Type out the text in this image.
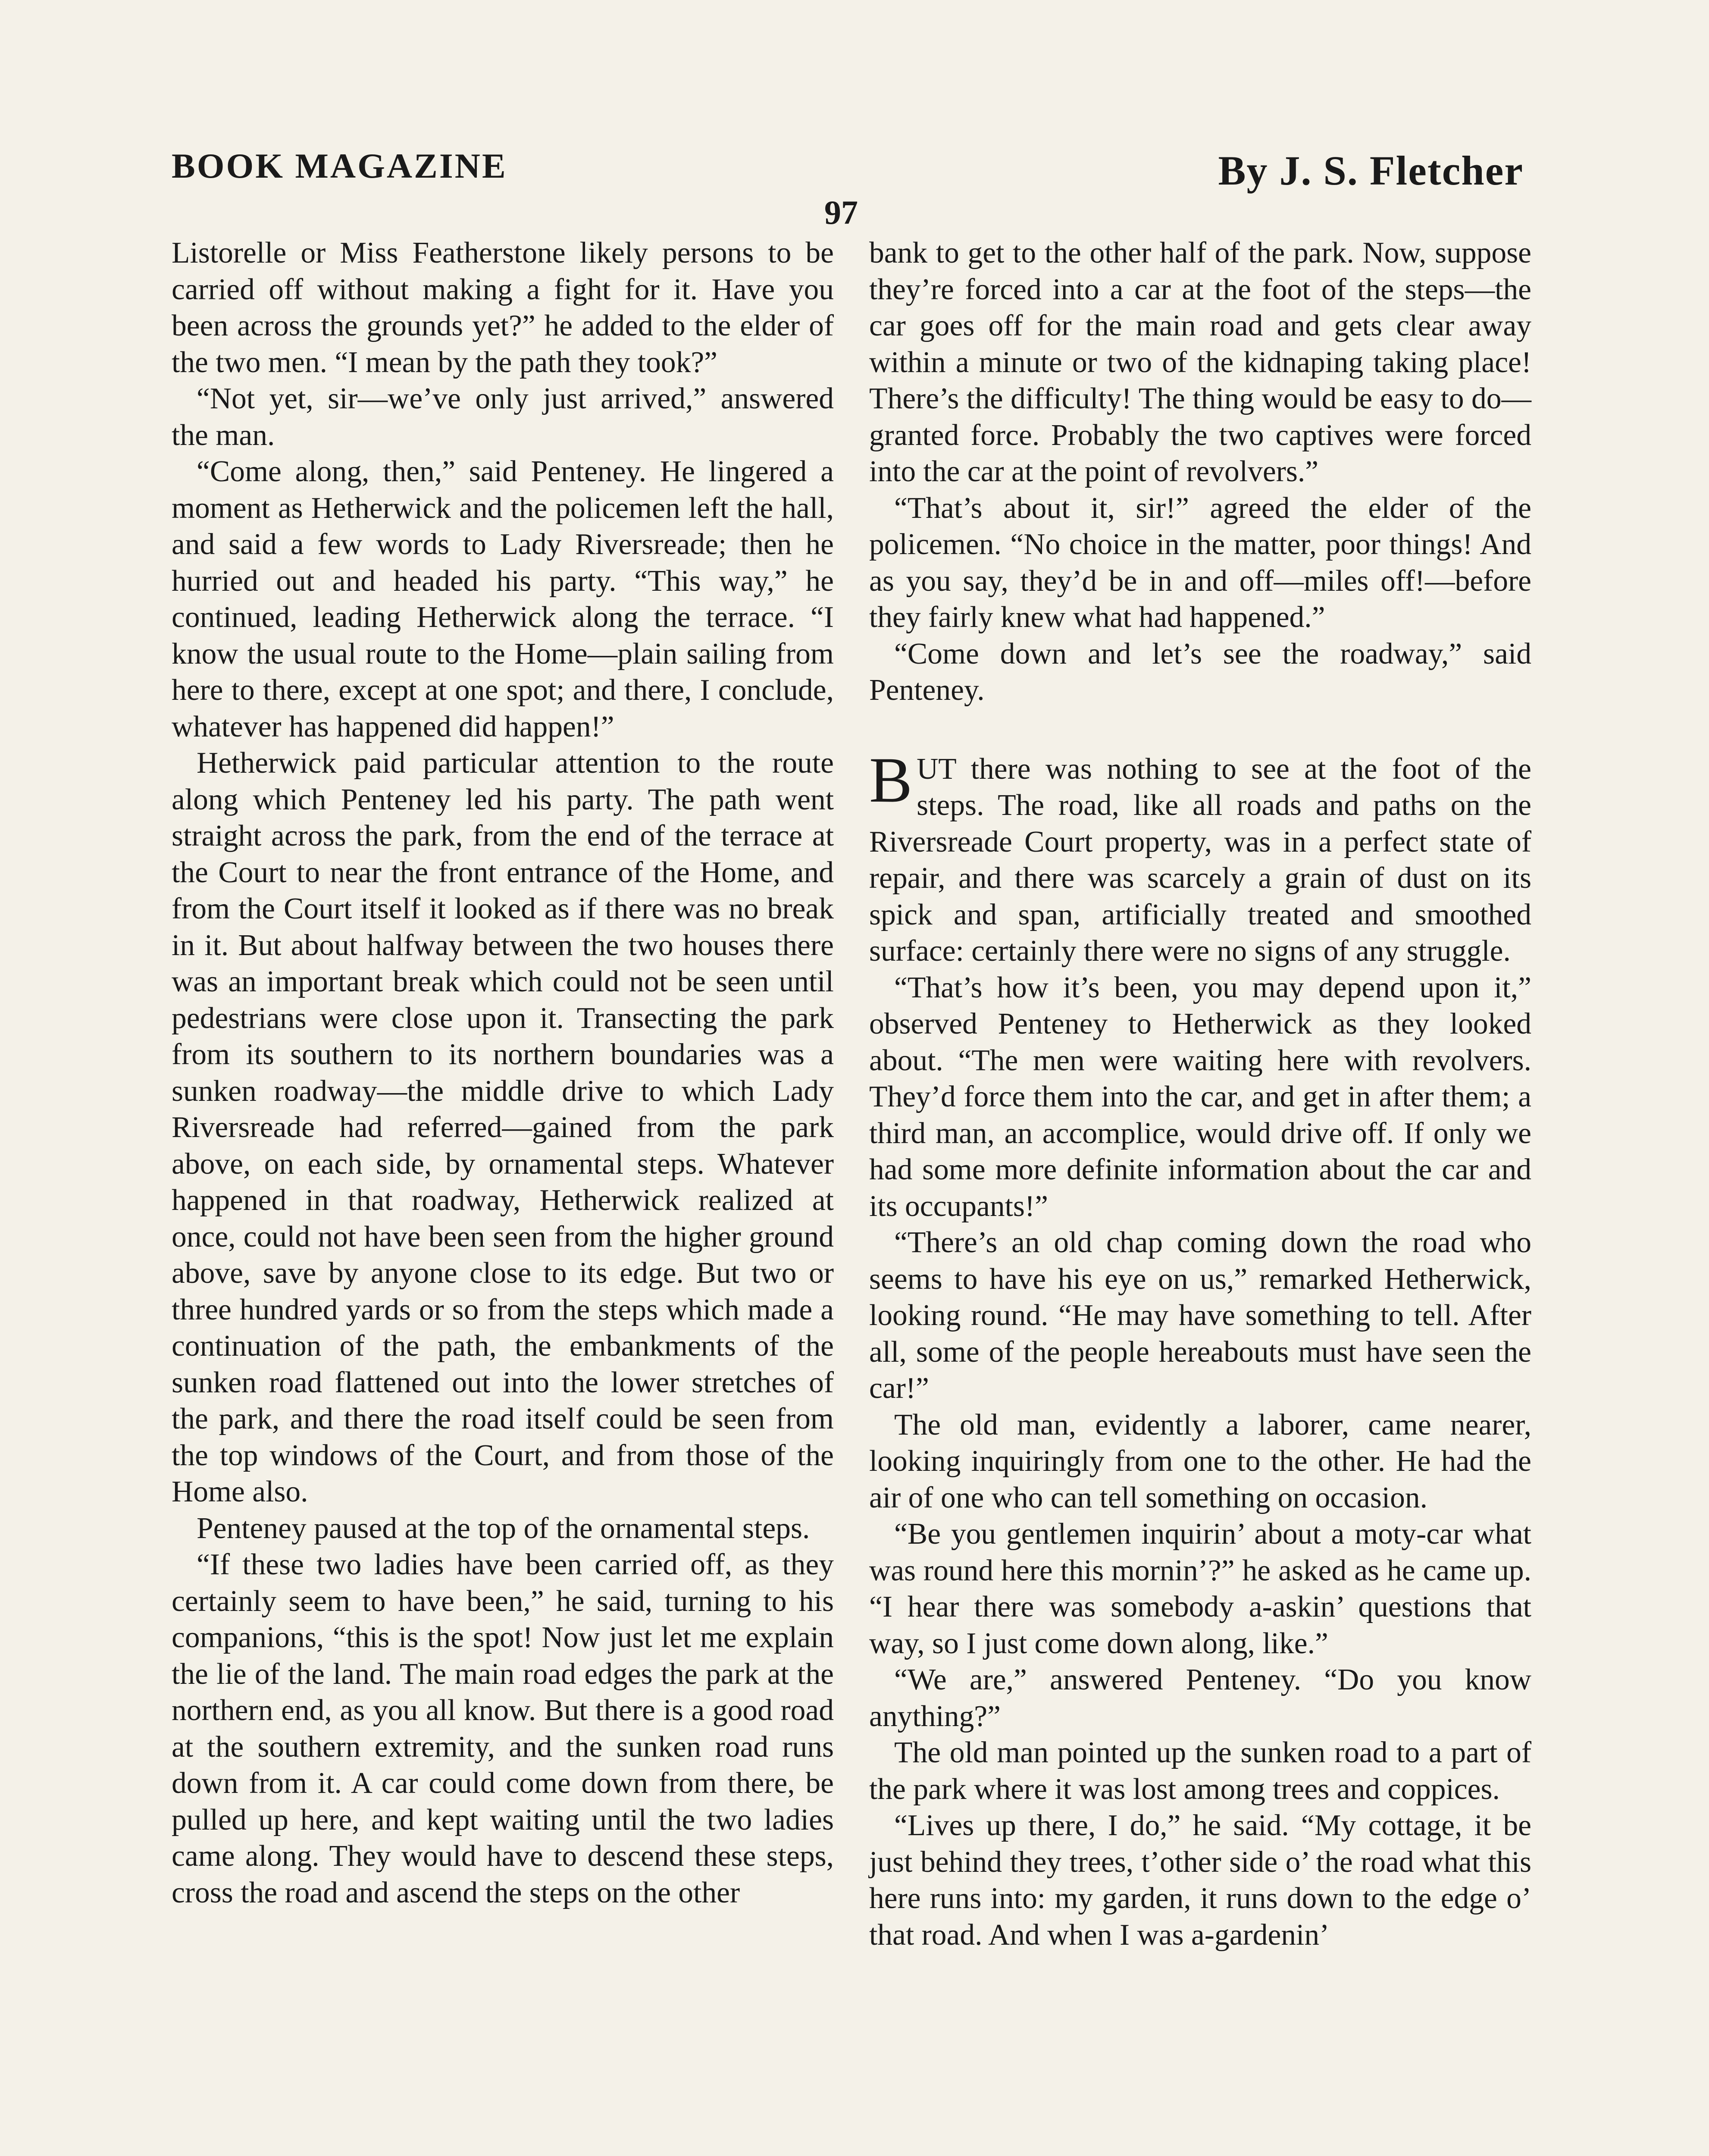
BOOK MAGAZINE	By J. S. Fletcher
97

Listorelle or Miss Featherstone likely persons to be carried off without making a fight for it. Have you been across the grounds yet?” he added to the elder of the two men. “I mean by the path they took?”

“Not yet, sir—we’ve only just arrived,” answered the man.

“Come along, then,” said Penteney. He lingered a moment as Hetherwick and the policemen left the hall, and said a few words to Lady Riversreade; then he hurried out and headed his party. “This way,” he continued, leading Hetherwick along the terrace. “I know the usual route to the Home—plain sailing from here to there, except at one spot; and there, I conclude, whatever has happened did happen!”

Hetherwick paid particular attention to the route along which Penteney led his party. The path went straight across the park, from the end of the terrace at the Court to near the front entrance of the Home, and from the Court itself it looked as if there was no break in it. But about halfway between the two houses there was an important break which could not be seen until pedestrians were close upon it. Transecting the park from its southern to its northern boundaries was a sunken roadway—the middle drive to which Lady Riversreade had referred—gained from the park above, on each side, by ornamental steps. Whatever happened in that roadway, Hetherwick realized at once, could not have been seen from the higher ground above, save by anyone close to its edge. But two or three hundred yards or so from the steps which made a continuation of the path, the embankments of the sunken road flattened out into the lower stretches of the park, and there the road itself could be seen from the top windows of the Court, and from those of the Home also.

Penteney paused at the top of the ornamental steps.

“If these two ladies have been carried off, as they certainly seem to have been,” he said, turning to his companions, “this is the spot! Now just let me explain the lie of the land. The main road edges the park at the northern end, as you all know. But there is a good road at the southern extremity, and the sunken road runs down from it. A car could come down from there, be pulled up here, and kept waiting until the two ladies came along. They would have to descend these steps, cross the road and ascend the steps on the other

bank to get to the other half of the park. Now, suppose they’re forced into a car at the foot of the steps—the car goes off for the main road and gets clear away within a minute or two of the kidnaping taking place! There’s the difficulty! The thing would be easy to do—granted force. Probably the two captives were forced into the car at the point of revolvers.”

“That’s about it, sir!” agreed the elder of the policemen. “No choice in the matter, poor things! And as you say, they’d be in and off—miles off!—before they fairly knew what had happened.”

“Come down and let’s see the roadway,” said Penteney.

BUT there was nothing to see at the foot of the steps. The road, like all roads and paths on the Riversreade Court property, was in a perfect state of repair, and there was scarcely a grain of dust on its spick and span, artificially treated and smoothed surface: certainly there were no signs of any struggle.

“That’s how it’s been, you may depend upon it,” observed Penteney to Hetherwick as they looked about. “The men were waiting here with revolvers. They’d force them into the car, and get in after them; a third man, an accomplice, would drive off. If only we had some more definite information about the car and its occupants!”

“There’s an old chap coming down the road who seems to have his eye on us,” remarked Hetherwick, looking round. “He may have something to tell. After all, some of the people hereabouts must have seen the car!”

The old man, evidently a laborer, came nearer, looking inquiringly from one to the other. He had the air of one who can tell something on occasion.

“Be you gentlemen inquirin’ about a moty-car what was round here this mornin’?” he asked as he came up. “I hear there was somebody a-askin’ questions that way, so I just come down along, like.”

“We are,” answered Penteney. “Do you know anything?”

The old man pointed up the sunken road to a part of the park where it was lost among trees and coppices.

“Lives up there, I do,” he said. “My cottage, it be just behind they trees, t’other side o’ the road what this here runs into: my garden, it runs down to the edge o’ that road. And when I was a-gardenin’
